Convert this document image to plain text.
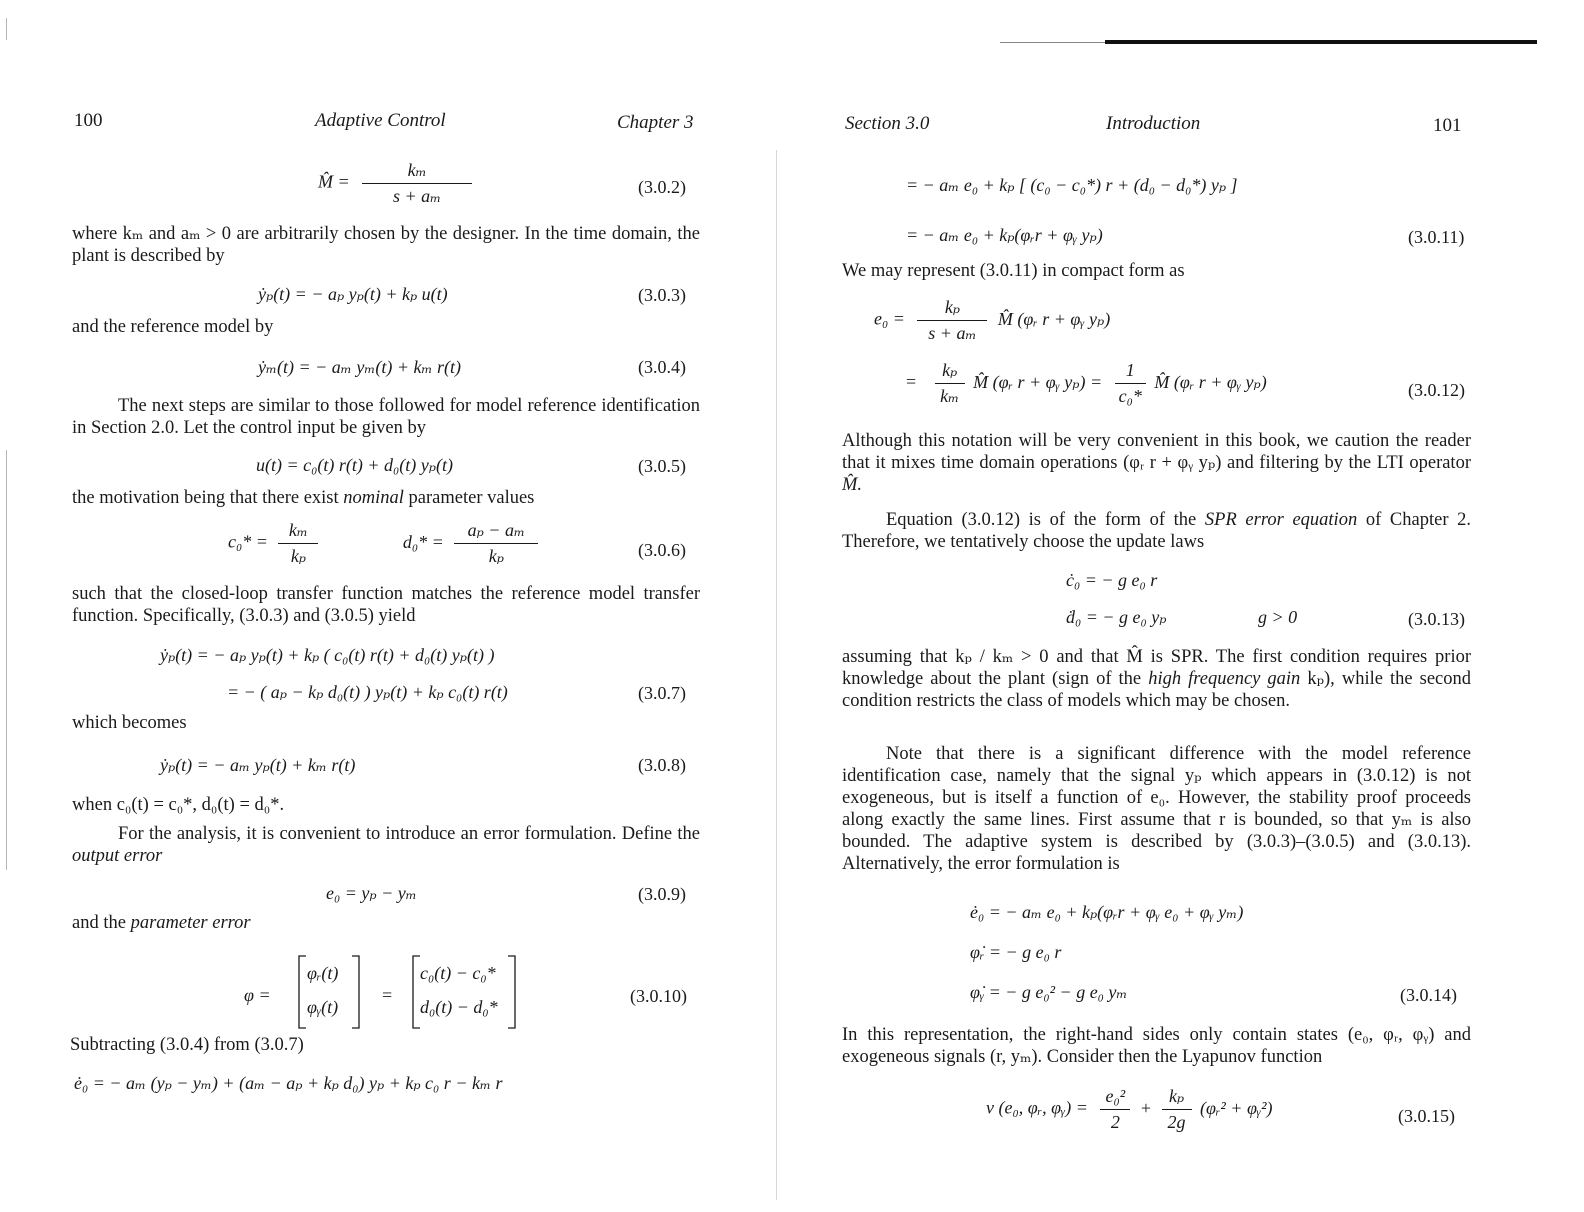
100	Adaptive Control	Chapter 3
M̂ = $\frac{\text{kₘ}}{\text{s + aₘ}}$	(3.0.2)
where kₘ and aₘ > 0 are arbitrarily chosen by the designer. In the time domain, the plant is described by
ẏₚ(t) = − aₚ yₚ(t) + kₚ u(t)	(3.0.3)
and the reference model by
ẏₘ(t) = − aₘ yₘ(t) + kₘ r(t)	(3.0.4)
The next steps are similar to those followed for model reference identification in Section 2.0. Let the control input be given by
u(t) = c₀(t) r(t) + d₀(t) yₚ(t)	(3.0.5)
the motivation being that there exist nominal parameter values
$c_0* = \frac{\text{kₘ}}{\text{kₚ}}$	$d_0* = \frac{\text{aₚ − aₘ}}{\text{kₚ}}$	(3.0.6)
such that the closed-loop transfer function matches the reference model transfer function. Specifically, (3.0.3) and (3.0.5) yield
ẏₚ(t) = − aₚ yₚ(t) + kₚ ( c₀(t) r(t) + d₀(t) yₚ(t) )
= − ( aₚ − kₚ d₀(t) ) yₚ(t) + kₚ c₀(t) r(t)	(3.0.7)
which becomes
ẏₚ(t) = − aₘ yₚ(t) + kₘ r(t)	(3.0.8)
when c₀(t) = c₀*, d₀(t) = d₀*.
For the analysis, it is convenient to introduce an error formulation. Define the output error
e₀ = yₚ − yₘ	(3.0.9)
and the parameter error
φ =
φᵣ(t)
φᵧ(t)
=
c₀(t) − c₀*
d₀(t) − d₀*
(3.0.10)
Subtracting (3.0.4) from (3.0.7)
ė₀ = − aₘ (yₚ − yₘ) + (aₘ − aₚ + kₚ d₀) yₚ + kₚ c₀ r − kₘ r
Section 3.0	Introduction	101
= − aₘ e₀ + kₚ [ (c₀ − c₀*) r + (d₀ − d₀*) yₚ ]
= − aₘ e₀ + kₚ(φᵣr + φᵧ yₚ)	(3.0.11)
We may represent (3.0.11) in compact form as
$e_0 = \frac{\text{kₚ}}{\text{s + aₘ}}$ M̂ (φᵣ r + φᵧ yₚ)
= $\frac{\text{kₚ}}{\text{kₘ}}$ M̂ (φᵣ r + φᵧ $y_p) = \frac{1}{\text{c₀*}}$ M̂ (φᵣ r + φᵧ yₚ)	(3.0.12)
Although this notation will be very convenient in this book, we caution the reader that it mixes time domain operations (φᵣ r + φᵧ yₚ) and filtering by the LTI operator M̂.
Equation (3.0.12) is of the form of the SPR error equation of Chapter 2. Therefore, we tentatively choose the update laws
ċ₀ = − g e₀ r
ḋ₀ = − g e₀ yₚ	g > 0	(3.0.13)
assuming that kₚ / kₘ > 0 and that M̂ is SPR. The first condition requires prior knowledge about the plant (sign of the high frequency gain kₚ), while the second condition restricts the class of models which may be chosen.
Note that there is a significant difference with the model reference identification case, namely that the signal yₚ which appears in (3.0.12) is not exogeneous, but is itself a function of e₀. However, the stability proof proceeds along exactly the same lines. First assume that r is bounded, so that yₘ is also bounded. The adaptive system is described by (3.0.3)–(3.0.5) and (3.0.13). Alternatively, the error formulation is
ė₀ = − aₘ e₀ + kₚ(φᵣr + φᵧ e₀ + φᵧ yₘ)
φ̇ᵣ = − g e₀ r
φ̇ᵧ = − g e₀² − g e₀ yₘ	(3.0.14)
In this representation, the right-hand sides only contain states (e₀, φᵣ, φᵧ) and exogeneous signals (r, yₘ). Consider then the Lyapunov function
v (e₀, φᵣ, φᵧ) = $\frac{\text{e₀²}}{2} + \frac{\text{kₚ}}{2g}$ (φᵣ² + φᵧ²)	(3.0.15)
